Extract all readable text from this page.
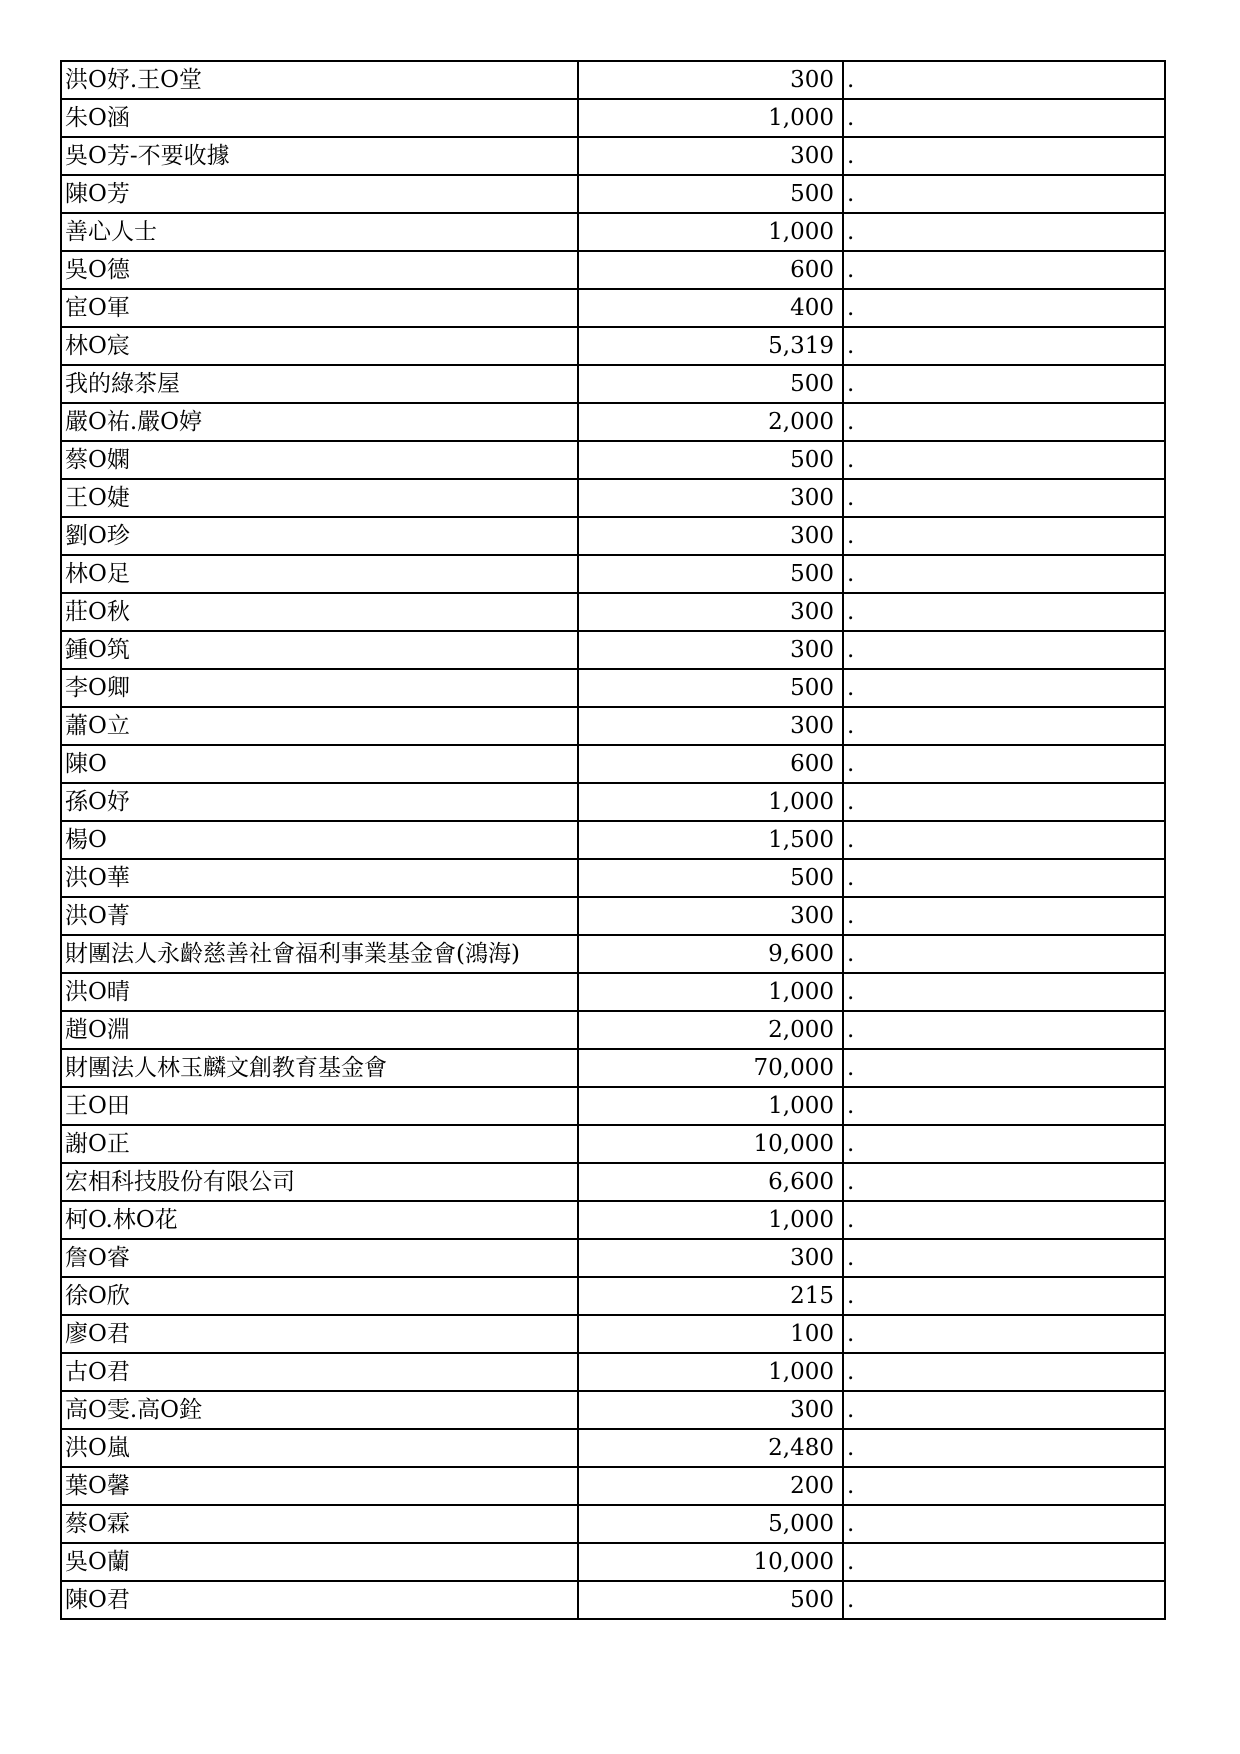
洪O妤.王O堂	300	.
朱O涵	1,000	.
吳O芳-不要收據	300	.
陳O芳	500	.
善心人士	1,000	.
吳O德	600	.
宦O軍	400	.
林O宸	5,319	.
我的綠茶屋	500	.
嚴O祐.嚴O婷	2,000	.
蔡O嫻	500	.
王O婕	300	.
劉O珍	300	.
林O足	500	.
莊O秋	300	.
鍾O筑	300	.
李O卿	500	.
蕭O立	300	.
陳O	600	.
孫O妤	1,000	.
楊O	1,500	.
洪O華	500	.
洪O菁	300	.
財團法人永齡慈善社會福利事業基金會(鴻海)	9,600	.
洪O晴	1,000	.
趙O淵	2,000	.
財團法人林玉麟文創教育基金會	70,000	.
王O田	1,000	.
謝O正	10,000	.
宏相科技股份有限公司	6,600	.
柯O.林O花	1,000	.
詹O睿	300	.
徐O欣	215	.
廖O君	100	.
古O君	1,000	.
高O雯.高O銓	300	.
洪O嵐	2,480	.
葉O馨	200	.
蔡O霖	5,000	.
吳O蘭	10,000	.
陳O君	500	.
